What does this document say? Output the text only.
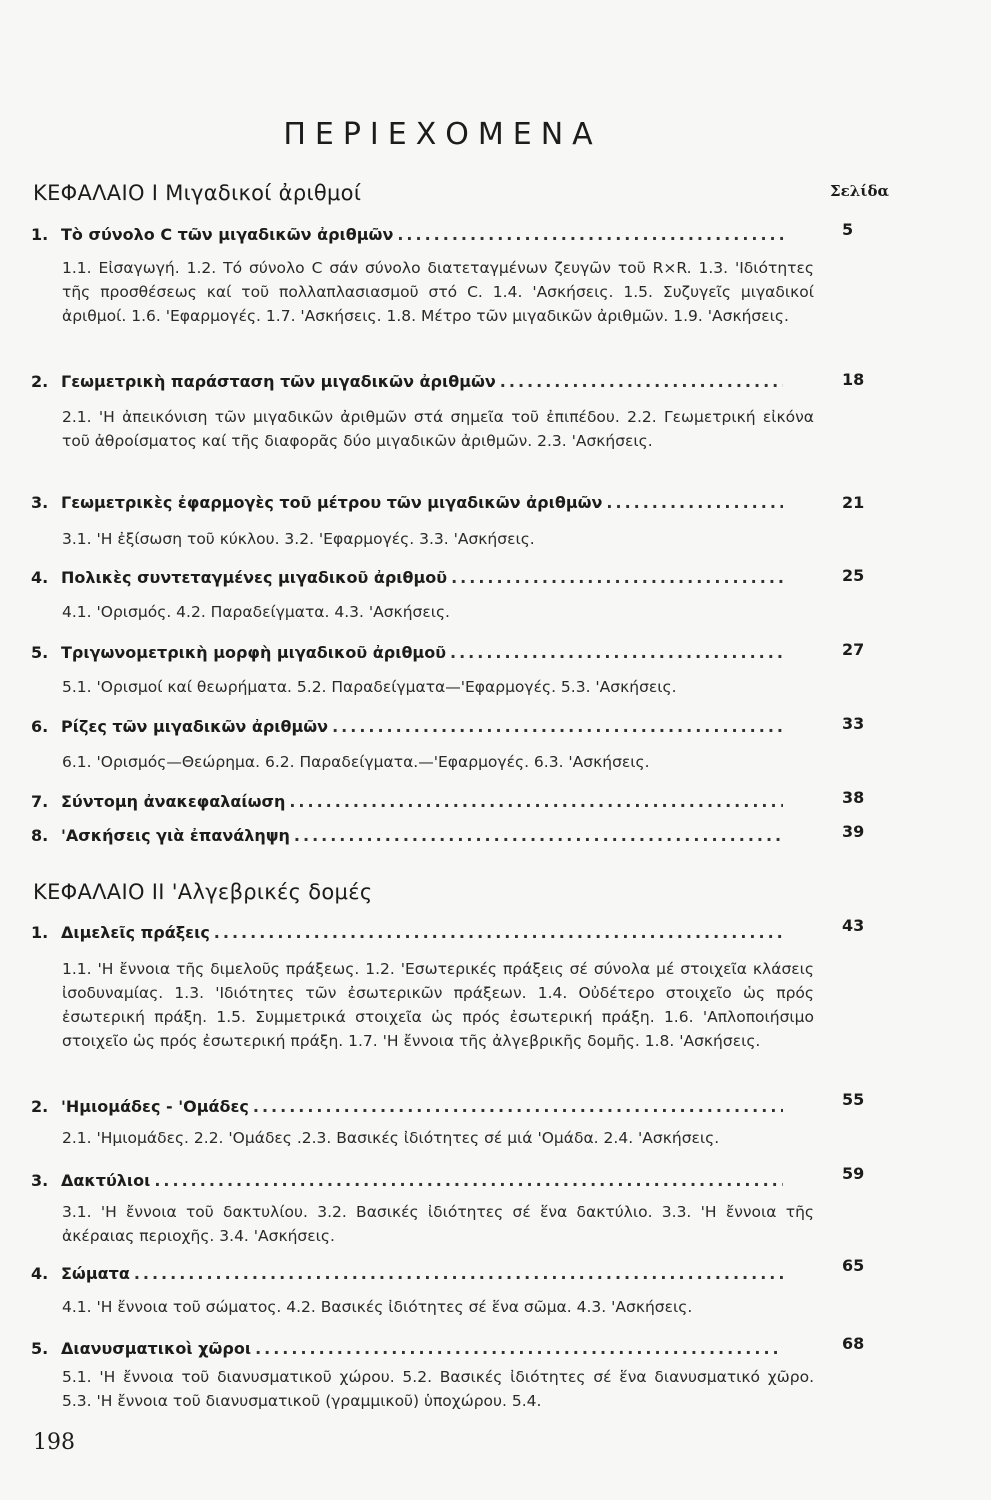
ΠΕΡΙΕΧΟΜΕΝΑ
ΚΕΦΑΛΑΙΟ Ι Μιγαδικοί ἀριθμοί	Σελίδα
1. Τὸ σύνολο C τῶν μιγαδικῶν ἀριθμῶν .....	5
1.1. Εἰσαγωγή. 1.2. Τό σύνολο C σάν σύνολο διατεταγμένων ζευγῶν τοῦ R×R. 1.3. 'Ιδιότητες τῆς προσθέσεως καί τοῦ πολλαπλασιασμοῦ στό C. 1.4. 'Ασκήσεις. 1.5. Συζυγεῖς μιγαδικοί ἀριθμοί. 1.6. 'Εφαρμογές. 1.7. 'Ασκήσεις. 1.8. Μέτρο τῶν μιγαδικῶν ἀριθμῶν. 1.9. 'Ασκήσεις.
2. Γεωμετρικὴ παράσταση τῶν μιγαδικῶν ἀριθμῶν .....	18
2.1. 'Η ἀπεικόνιση τῶν μιγαδικῶν ἀριθμῶν στά σημεῖα τοῦ ἐπιπέδου. 2.2. Γεωμετρική εἰκόνα τοῦ ἀθροίσματος καί τῆς διαφορᾶς δύο μιγαδικῶν ἀριθμῶν. 2.3. 'Ασκήσεις.
3. Γεωμετρικὲς ἐφαρμογὲς τοῦ μέτρου τῶν μιγαδικῶν ἀριθμῶν .....	21
3.1. 'Η ἐξίσωση τοῦ κύκλου. 3.2. 'Εφαρμογές. 3.3. 'Ασκήσεις.
4. Πολικὲς συντεταγμένες μιγαδικοῦ ἀριθμοῦ .....	25
4.1. 'Ορισμός. 4.2. Παραδείγματα. 4.3. 'Ασκήσεις.
5. Τριγωνομετρικὴ μορφὴ μιγαδικοῦ ἀριθμοῦ .....	27
5.1. 'Ορισμοί καί θεωρήματα. 5.2. Παραδείγματα—'Εφαρμογές. 5.3. 'Ασκήσεις.
6. Ρίζες τῶν μιγαδικῶν ἀριθμῶν .....	33
6.1. 'Ορισμός—Θεώρημα. 6.2. Παραδείγματα.—'Εφαρμογές. 6.3. 'Ασκήσεις.
7. Σύντομη ἀνακεφαλαίωση .....	38
8. 'Ασκήσεις γιὰ ἐπανάληψη .....	39
ΚΕΦΑΛΑΙΟ ΙΙ 'Αλγεβρικές δομές
1. Διμελεῖς πράξεις .....	43
1.1. 'Η ἔννοια τῆς διμελοῦς πράξεως. 1.2. 'Εσωτερικές πράξεις σέ σύνολα μέ στοιχεῖα κλάσεις ἰσοδυναμίας. 1.3. 'Ιδιότητες τῶν ἐσωτερικῶν πράξεων. 1.4. Οὐδέτερο στοιχεῖο ὡς πρός ἐσωτερική πράξη. 1.5. Συμμετρικά στοιχεῖα ὡς πρός ἐσωτερική πράξη. 1.6. 'Απλοποιήσιμο στοιχεῖο ὡς πρός ἐσωτερική πράξη. 1.7. 'Η ἔννοια τῆς ἀλγεβρικῆς δομῆς. 1.8. 'Ασκήσεις.
2. 'Ημιομάδες - 'Ομάδες .....	55
2.1. 'Ημιομάδες. 2.2. 'Ομάδες .2.3. Βασικές ἰδιότητες σέ μιά 'Ομάδα. 2.4. 'Ασκήσεις.
3. Δακτύλιοι .....	59
3.1. 'Η ἔννοια τοῦ δακτυλίου. 3.2. Βασικές ἰδιότητες σέ ἕνα δακτύλιο. 3.3. 'Η ἔννοια τῆς ἀκέραιας περιοχῆς. 3.4. 'Ασκήσεις.
4. Σώματα .....	65
4.1. 'Η ἔννοια τοῦ σώματος. 4.2. Βασικές ἰδιότητες σέ ἕνα σῶμα. 4.3. 'Ασκήσεις.
5. Διανυσματικοὶ χῶροι .....	68
5.1. 'Η ἔννοια τοῦ διανυσματικοῦ χώρου. 5.2. Βασικές ἰδιότητες σέ ἕνα διανυσματικό χῶρο. 5.3. 'Η ἔννοια τοῦ διανυσματικοῦ (γραμμικοῦ) ὑποχώρου. 5.4.
198
